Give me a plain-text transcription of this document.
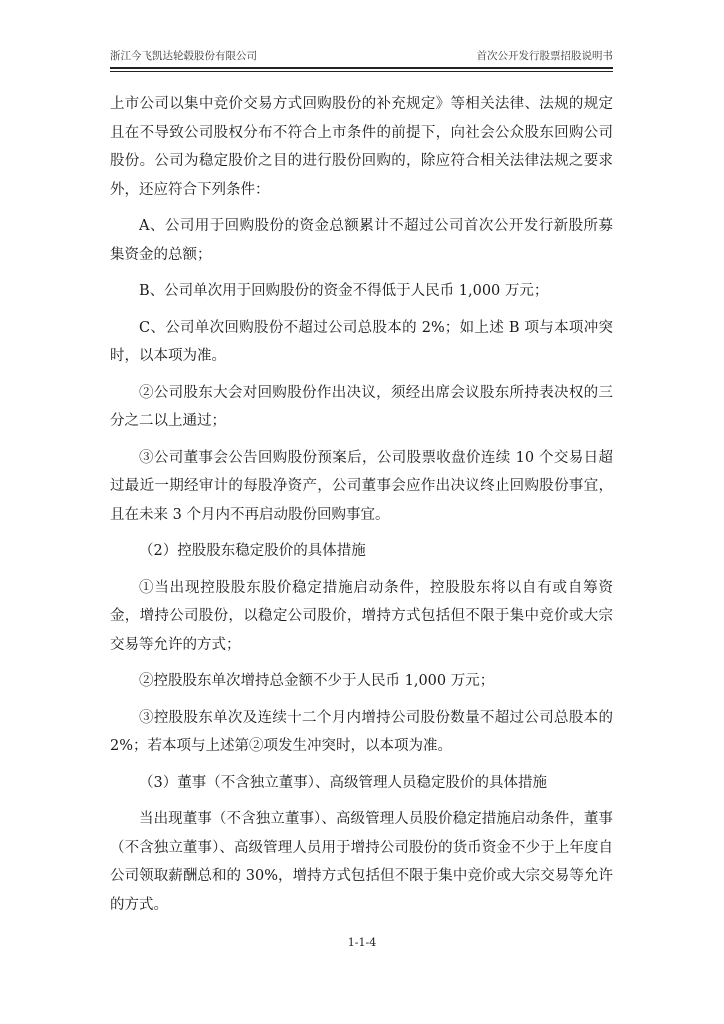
浙江今飞凯达轮毂股份有限公司	首次公开发行股票招股说明书

上市公司以集中竞价交易方式回购股份的补充规定》等相关法律、法规的规定且在不导致公司股权分布不符合上市条件的前提下，向社会公众股东回购公司股份。公司为稳定股价之目的进行股份回购的，除应符合相关法律法规之要求外，还应符合下列条件：

A、公司用于回购股份的资金总额累计不超过公司首次公开发行新股所募集资金的总额；

B、公司单次用于回购股份的资金不得低于人民币 1,000 万元；

C、公司单次回购股份不超过公司总股本的 2%；如上述 B 项与本项冲突时，以本项为准。

②公司股东大会对回购股份作出决议，须经出席会议股东所持表决权的三分之二以上通过；

③公司董事会公告回购股份预案后，公司股票收盘价连续 10 个交易日超过最近一期经审计的每股净资产，公司董事会应作出决议终止回购股份事宜，且在未来 3 个月内不再启动股份回购事宜。

（2）控股股东稳定股价的具体措施

①当出现控股股东股价稳定措施启动条件，控股股东将以自有或自筹资金，增持公司股份，以稳定公司股价，增持方式包括但不限于集中竞价或大宗交易等允许的方式；

②控股股东单次增持总金额不少于人民币 1,000 万元；

③控股股东单次及连续十二个月内增持公司股份数量不超过公司总股本的 2%；若本项与上述第②项发生冲突时，以本项为准。

（3）董事（不含独立董事）、高级管理人员稳定股价的具体措施

当出现董事（不含独立董事）、高级管理人员股价稳定措施启动条件，董事（不含独立董事）、高级管理人员用于增持公司股份的货币资金不少于上年度自公司领取薪酬总和的 30%，增持方式包括但不限于集中竞价或大宗交易等允许的方式。

1-1-4
